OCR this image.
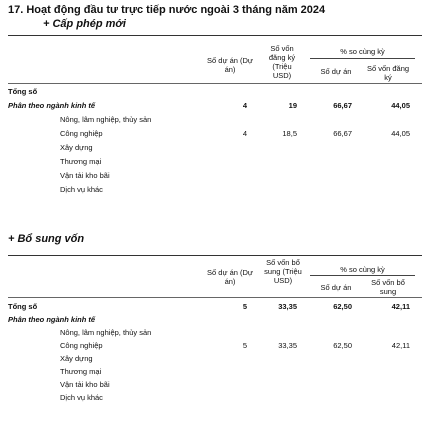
17. Hoạt động đầu tư trực tiếp nước ngoài 3 tháng năm 2024
+ Cấp phép mới
Số dự án (Dự án)
Số vốn đăng ký (Triệu USD)
% so cùng kỳ
Số dự án	Số vốn đăng ký
Tổng số
Phân theo ngành kinh tế	4	19	66,67	44,05
Nông, lâm nghiệp, thủy sản
Công nghiệp	4	18,5	66,67	44,05
Xây dựng
Thương mại
Vận tải kho bãi
Dịch vụ khác
+ Bổ sung vốn
Số dự án (Dự án)
Số vốn bổ sung (Triệu USD)
% so cùng kỳ
Số dự án
Số vốn bổ sung
Tổng số	5	33,35	62,50	42,11
Phân theo ngành kinh tế
Nông, lâm nghiệp, thủy sản
Công nghiệp	5	33,35	62,50	42,11
Xây dựng
Thương mại
Vận tải kho bãi
Dịch vụ khác
